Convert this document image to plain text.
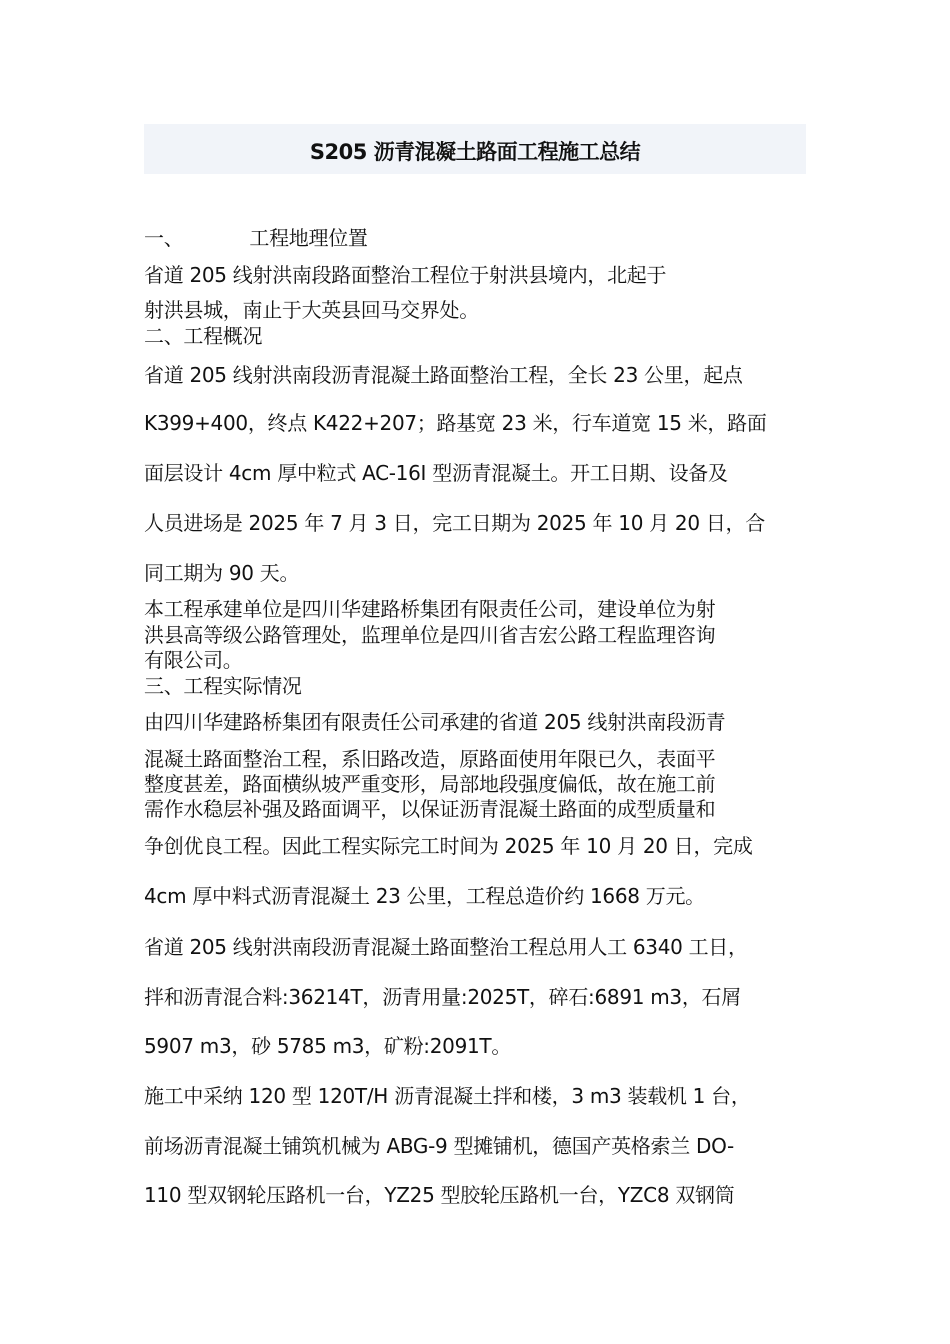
S205 沥青混凝土路面工程施工总结
一、	工程地理位置
省道 205 线射洪南段路面整治工程位于射洪县境内，北起于
射洪县城，南止于大英县回马交界处。
二、工程概况
省道 205 线射洪南段沥青混凝土路面整治工程，全长 23 公里，起点
K399+400，终点 K422+207；路基宽 23 米，行车道宽 15 米，路面
面层设计 4cm 厚中粒式 AC-16Ⅰ 型沥青混凝土。开工日期、设备及
人员进场是 2025 年 7 月 3 日，完工日期为 2025 年 10 月 20 日，合
同工期为 90 天。
本工程承建单位是四川华建路桥集团有限责任公司，建设单位为射
洪县高等级公路管理处，监理单位是四川省吉宏公路工程监理咨询
有限公司。
三、工程实际情况
由四川华建路桥集团有限责任公司承建的省道 205 线射洪南段沥青
混凝土路面整治工程，系旧路改造，原路面使用年限已久，表面平
整度甚差，路面横纵坡严重变形，局部地段强度偏低，故在施工前
需作水稳层补强及路面调平，以保证沥青混凝土路面的成型质量和
争创优良工程。因此工程实际完工时间为 2025 年 10 月 20 日，完成
4cm 厚中料式沥青混凝土 23 公里，工程总造价约 1668 万元。
省道 205 线射洪南段沥青混凝土路面整治工程总用人工 6340 工日，
拌和沥青混合料:36214T，沥青用量:2025T，碎石:6891 m3，石屑
5907 m3，砂 5785 m3，矿粉:2091T。
施工中采纳 120 型 120T/H 沥青混凝土拌和楼，3 m3 装载机 1 台，
前场沥青混凝土铺筑机械为 ABG-9 型摊铺机，德国产英格索兰 DO-
110 型双钢轮压路机一台，YZ25 型胶轮压路机一台，YZC8 双钢筒
